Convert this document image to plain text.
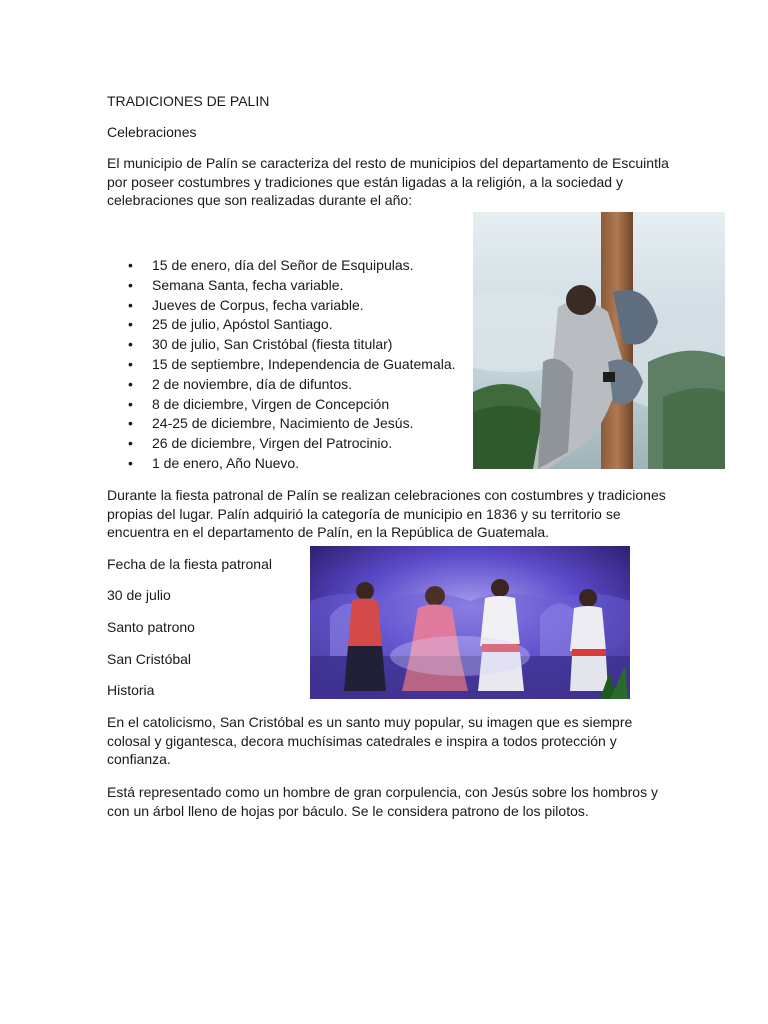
TRADICIONES DE PALIN

Celebraciones

El municipio de Palín se caracteriza del resto de municipios del departamento de Escuintla
por poseer costumbres y tradiciones que están ligadas a la religión, a la sociedad y
celebraciones que son realizadas durante el año:
• 15 de enero, día del Señor de Esquipulas.
• Semana Santa, fecha variable.
• Jueves de Corpus, fecha variable.
• 25 de julio, Apóstol Santiago.
• 30 de julio, San Cristóbal (fiesta titular)
• 15 de septiembre, Independencia de Guatemala.
• 2 de noviembre, día de difuntos.
• 8 de diciembre, Virgen de Concepción
• 24-25 de diciembre, Nacimiento de Jesús.
• 26 de diciembre, Virgen del Patrocinio.
• 1 de enero, Año Nuevo.
Durante la fiesta patronal de Palín se realizan celebraciones con costumbres y tradiciones
propias del lugar. Palín adquirió la categoría de municipio en 1836 y su territorio se
encuentra en el departamento de Palín, en la República de Guatemala.

Fecha de la fiesta patronal

30 de julio

Santo patrono

San Cristóbal

Historia

En el catolicismo, San Cristóbal es un santo muy popular, su imagen que es siempre
colosal y gigantesca, decora muchísimas catedrales e inspira a todos protección y
confianza.
Está representado como un hombre de gran corpulencia, con Jesús sobre los hombros y
con un árbol lleno de hojas por báculo. Se le considera patrono de los pilotos.
